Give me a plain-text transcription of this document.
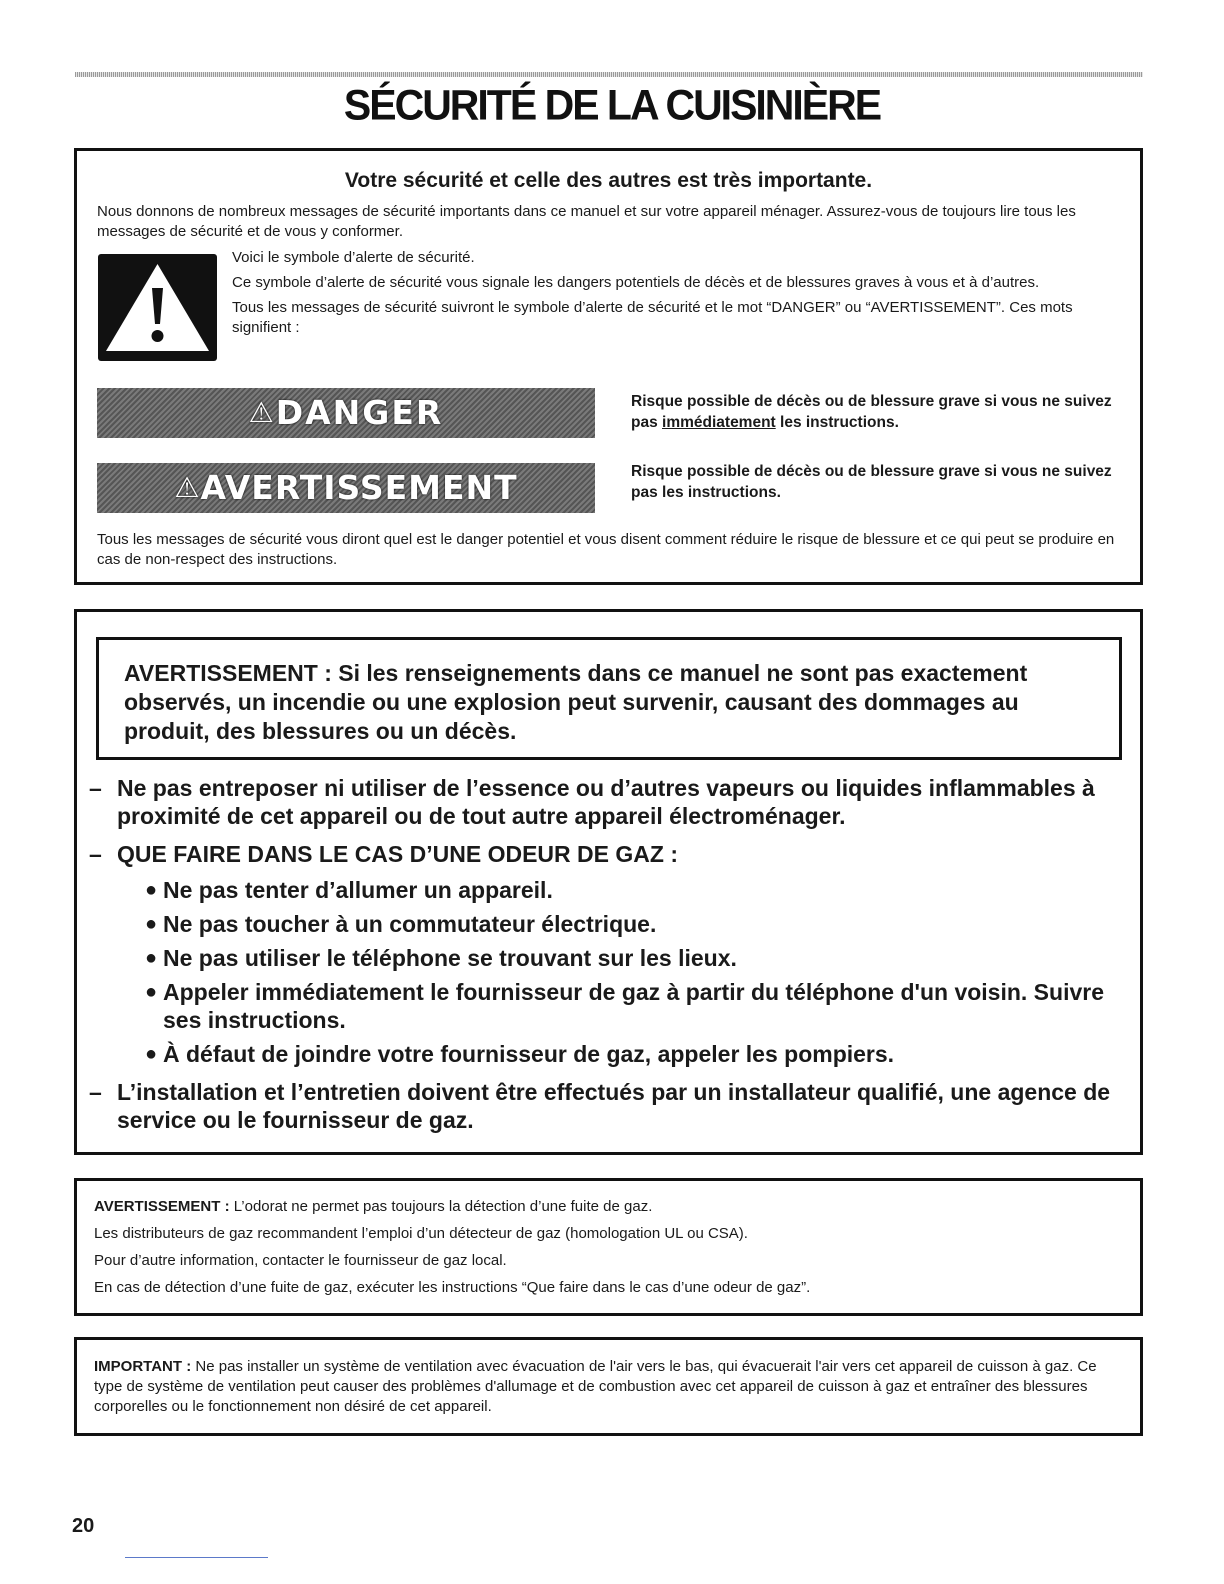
SÉCURITÉ DE LA CUISINIÈRE
Votre sécurité et celle des autres est très importante.
Nous donnons de nombreux messages de sécurité importants dans ce manuel et sur votre appareil ménager. Assurez-vous de toujours lire tous les messages de sécurité et de vous y conformer.

Voici le symbole d’alerte de sécurité.

Ce symbole d’alerte de sécurité vous signale les dangers potentiels de décès et de blessures graves à vous et à d’autres.

Tous les messages de sécurité suivront le symbole d’alerte de sécurité et le mot “DANGER” ou “AVERTISSEMENT”. Ces mots signifient :

⚠DANGER	Risque possible de décès ou de blessure grave si vous ne suivez pas immédiatement les instructions.
⚠AVERTISSEMENT	Risque possible de décès ou de blessure grave si vous ne suivez pas les instructions.
Tous les messages de sécurité vous diront quel est le danger potentiel et vous disent comment réduire le risque de blessure et ce qui peut se produire en cas de non-respect des instructions.
AVERTISSEMENT : Si les renseignements dans ce manuel ne sont pas exactement observés, un incendie ou une explosion peut survenir, causant des dommages au produit, des blessures ou un décès.
– Ne pas entreposer ni utiliser de l’essence ou d’autres vapeurs ou liquides inflammables à proximité de cet appareil ou de tout autre appareil électroménager.
– QUE FAIRE DANS LE CAS D’UNE ODEUR DE GAZ :
● Ne pas tenter d’allumer un appareil.
● Ne pas toucher à un commutateur électrique.
● Ne pas utiliser le téléphone se trouvant sur les lieux.
● Appeler immédiatement le fournisseur de gaz à partir du téléphone d'un voisin. Suivre ses instructions.
● À défaut de joindre votre fournisseur de gaz, appeler les pompiers.
– L’installation et l’entretien doivent être effectués par un installateur qualifié, une agence de service ou le fournisseur de gaz.

AVERTISSEMENT : L’odorat ne permet pas toujours la détection d’une fuite de gaz.

Les distributeurs de gaz recommandent l’emploi d’un détecteur de gaz (homologation UL ou CSA).

Pour d’autre information, contacter le fournisseur de gaz local.

En cas de détection d’une fuite de gaz, exécuter les instructions “Que faire dans le cas d’une odeur de gaz”.

IMPORTANT : Ne pas installer un système de ventilation avec évacuation de l'air vers le bas, qui évacuerait l'air vers cet appareil de cuisson à gaz. Ce type de système de ventilation peut causer des problèmes d'allumage et de combustion avec cet appareil de cuisson à gaz et entraîner des blessures corporelles ou le fonctionnement non désiré de cet appareil.
20
